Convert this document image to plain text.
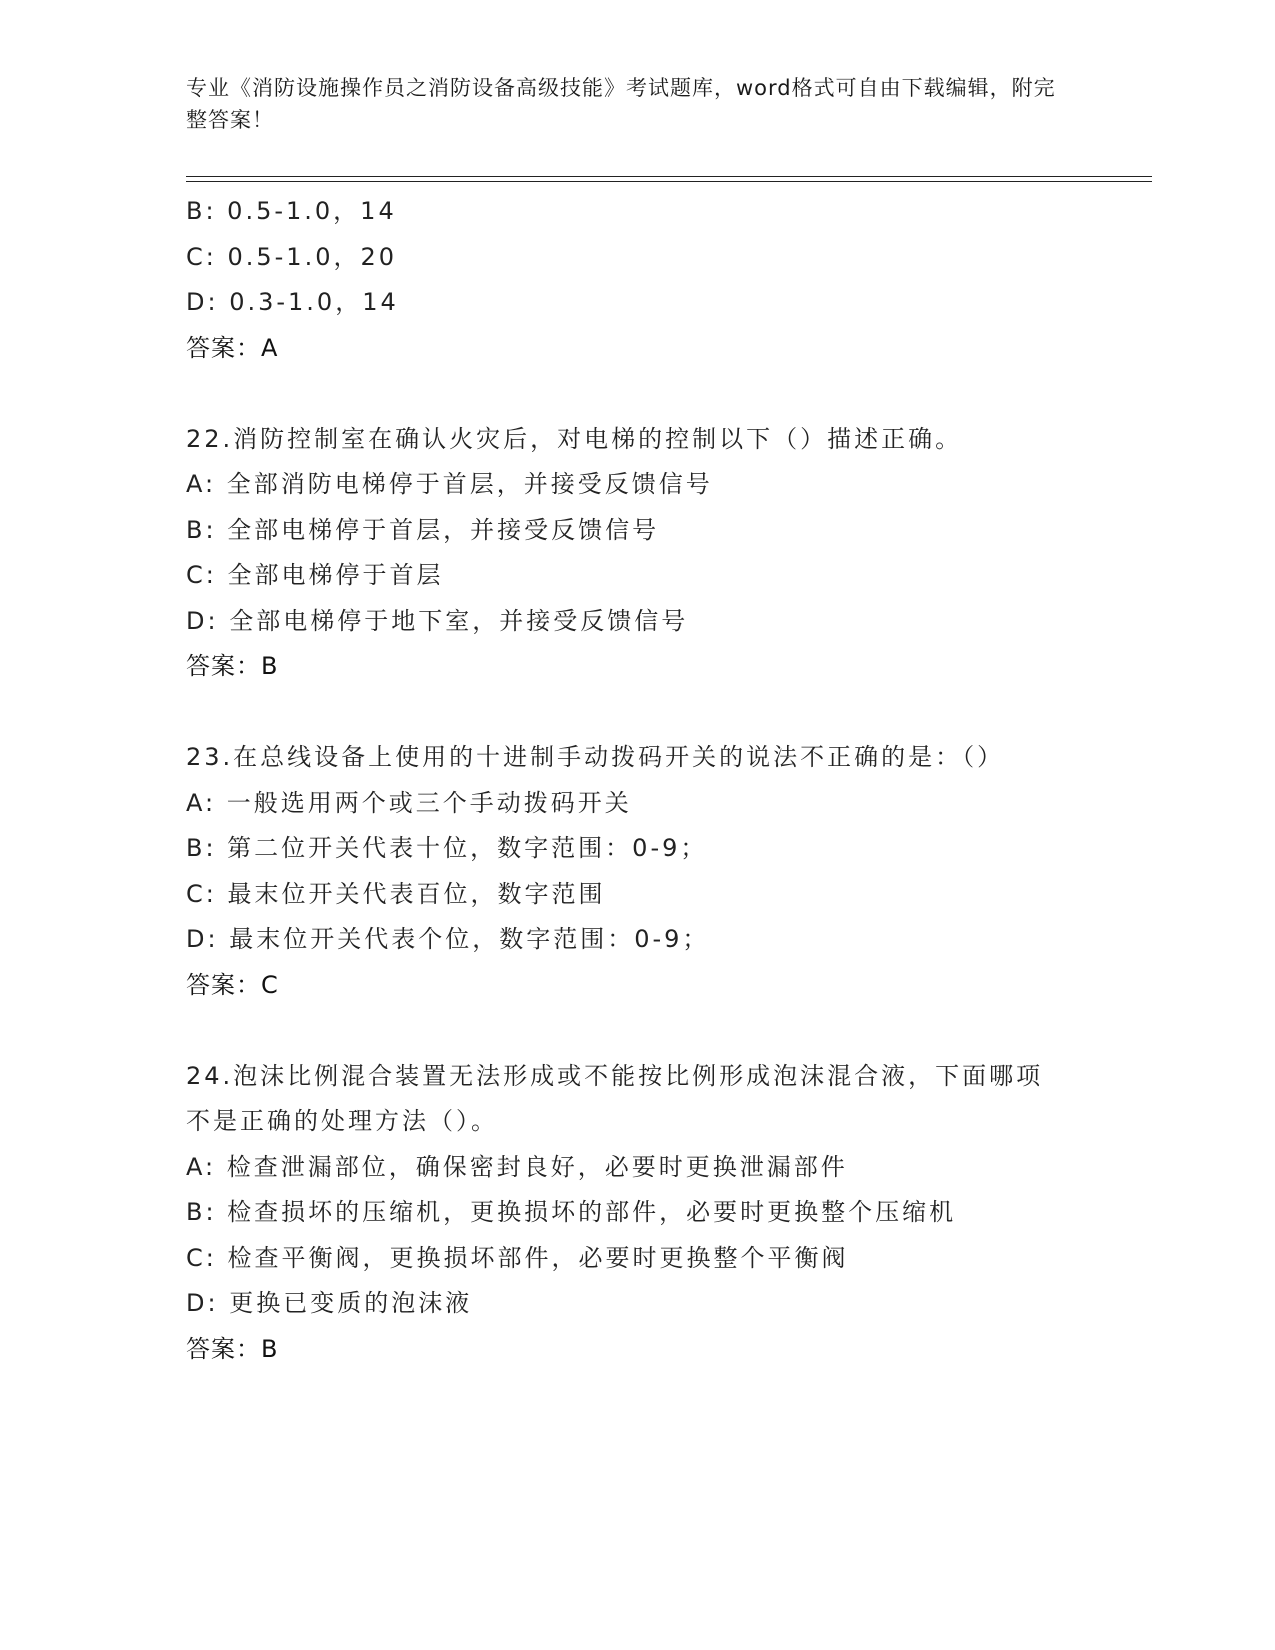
专业《消防设施操作员之消防设备高级技能》考试题库，word格式可自由下载编辑，附完整答案！
B: 0.5-1.0，14
C: 0.5-1.0，20
D: 0.3-1.0，14
答案：A
22.消防控制室在确认火灾后，对电梯的控制以下（）描述正确。
A: 全部消防电梯停于首层，并接受反馈信号
B: 全部电梯停于首层，并接受反馈信号
C: 全部电梯停于首层
D: 全部电梯停于地下室，并接受反馈信号
答案：B
23.在总线设备上使用的十进制手动拨码开关的说法不正确的是：（）
A: 一般选用两个或三个手动拨码开关
B: 第二位开关代表十位，数字范围：0-9；
C: 最末位开关代表百位，数字范围
D: 最末位开关代表个位，数字范围：0-9；
答案：C
24.泡沫比例混合装置无法形成或不能按比例形成泡沫混合液，下面哪项不是正确的处理方法（）。
A: 检查泄漏部位，确保密封良好，必要时更换泄漏部件
B: 检查损坏的压缩机，更换损坏的部件，必要时更换整个压缩机
C: 检查平衡阀，更换损坏部件，必要时更换整个平衡阀
D: 更换已变质的泡沫液
答案：B
